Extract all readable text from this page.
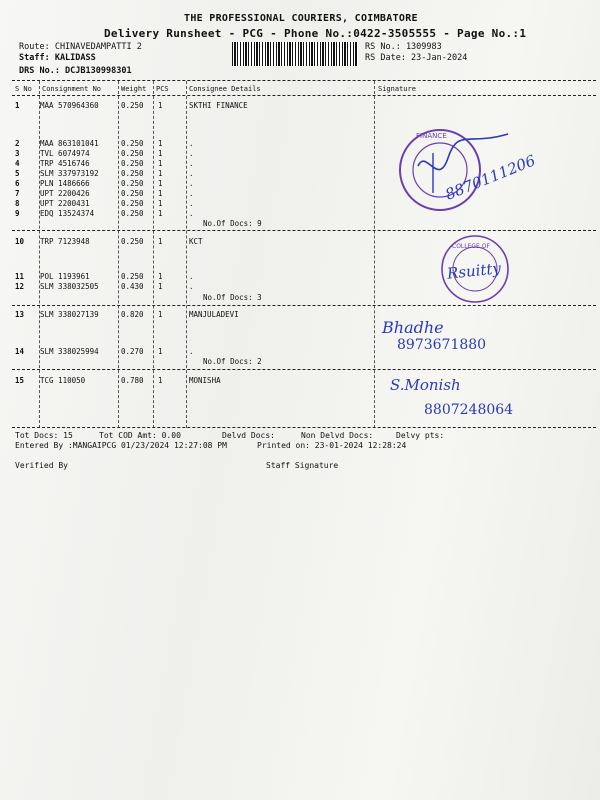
THE PROFESSIONAL COURIERS, COIMBATORE
Delivery Runsheet - PCG - Phone No.:0422-3505555 - Page No.:1
Route: CHINAVEDAMPATTI 2
Staff: KALIDASS
DRS No.: DCJB130998301
RS No.: 1309983
RS Date: 23-Jan-2024
S No Consignment No	Weight PCS	Consignee Details	Signature
1	MAA 570964360	0.250 1	SKTHI FINANCE
2	MAA 863101041	0.250 1	.
3	TVL 6074974	0.250 1	.
4	TRP 4516746	0.250 1	.
5	SLM 337973192	0.250 1	.
6	PLN 1486666	0.250 1	.
7	UPT 2200426	0.250 1	.
8	UPT 2200431	0.250 1	.
9	EDQ 13524374	0.250 1	.
10 TRP 7123948	0.250 1	KCT
11 POL 1193961	0.250 1	.
12 SLM 338032505	0.430 1	.
13 SLM 338027139	0.820 1	MANJULADEVI
14 SLM 338025994	0.270 1	.
15 TCG 110050	0.780 1	MONISHA
No.Of Docs: 9
No.Of Docs: 3
No.Of Docs: 2
FINANCE
8870111206
COLLEGE OF
Rsuitty
Bhadhe
8973671880
S.Monish
8807248064
Tot Docs: 15	Tot COD Amt: 0.00	Delvd Docs:	Non Delvd Docs:	Delvy pts:
Entered By :MANGAIPCG 01/23/2024 12:27:08 PM	Printed on: 23-01-2024 12:28:24
Verified By	Staff Signature
